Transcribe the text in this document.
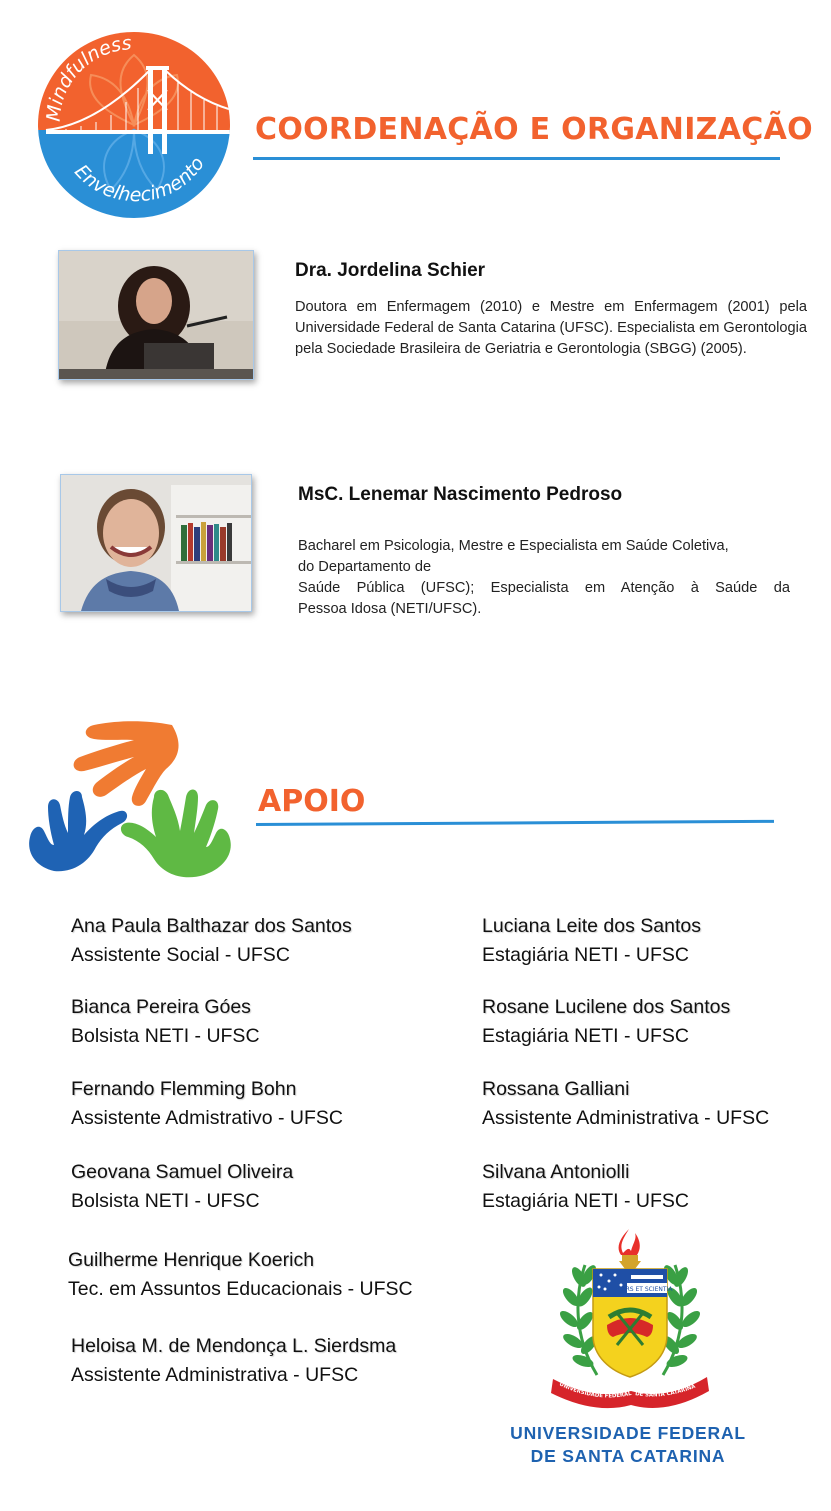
Mindfulness
Envelhecimento
COORDENAÇÃO E ORGANIZAÇÃO
Dra. Jordelina Schier
Doutora em Enfermagem (2010) e Mestre em Enfermagem (2001) pela Universidade Federal de Santa Catarina (UFSC). Especialista em Gerontologia pela Sociedade Brasileira de Geriatria e Gerontologia (SBGG) (2005).
MsC. Lenemar Nascimento Pedroso
Bacharel em Psicologia, Mestre e Especialista em Saúde Coletiva,
do Departamento de

Saúde Pública (UFSC); Especialista em Atenção à Saúde da
Pessoa Idosa (NETI/UFSC).
APOIO
Ana Paula Balthazar dos Santos
Assistente Social - UFSC
Bianca Pereira Góes
Bolsista NETI - UFSC
Fernando Flemming Bohn
Assistente Admistrativo - UFSC
Geovana Samuel Oliveira
Bolsista NETI - UFSC
Guilherme Henrique Koerich
Tec. em Assuntos Educacionais - UFSC
Heloisa M. de Mendonça L. Sierdsma
Assistente Administrativa - UFSC
Luciana Leite dos Santos
Estagiária NETI - UFSC
Rosane Lucilene dos Santos
Estagiária NETI - UFSC
Rossana Galliani
Assistente Administrativa - UFSC
Silvana Antoniolli
Estagiária NETI - UFSC
ARS ET SCIENTIA
UNIVERSIDADE FEDERAL DE SANTA CATARINA
UNIVERSIDADE FEDERAL
DE SANTA CATARINA
